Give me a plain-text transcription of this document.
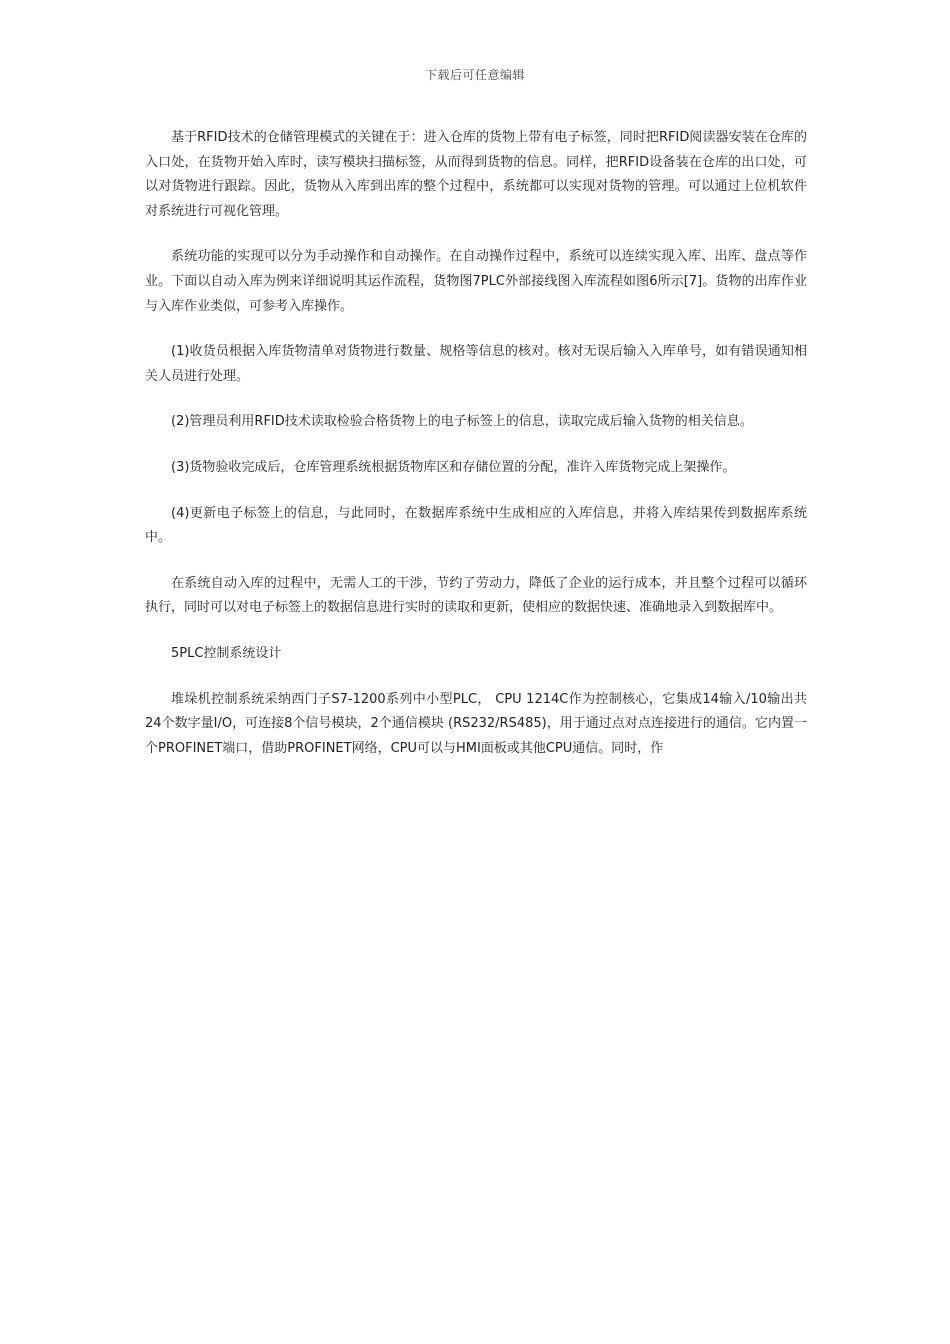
下载后可任意编辑

基于RFID技术的仓储管理模式的关键在于：进入仓库的货物上带有电子标签，同时把RFID阅读器安装在仓库的入口处，在货物开始入库时，读写模块扫描标签，从而得到货物的信息。同样，把RFID设备装在仓库的出口处，可以对货物进行跟踪。因此，货物从入库到出库的整个过程中，系统都可以实现对货物的管理。可以通过上位机软件对系统进行可视化管理。

系统功能的实现可以分为手动操作和自动操作。在自动操作过程中，系统可以连续实现入库、出库、盘点等作业。下面以自动入库为例来详细说明其运作流程，货物图7PLC外部接线图入库流程如图6所示[7]。货物的出库作业与入库作业类似，可参考入库操作。

(1)收货员根据入库货物清单对货物进行数量、规格等信息的核对。核对无误后输入入库单号，如有错误通知相关人员进行处理。

(2)管理员利用RFID技术读取检验合格货物上的电子标签上的信息，读取完成后输入货物的相关信息。

(3)货物验收完成后，仓库管理系统根据货物库区和存储位置的分配，准许入库货物完成上架操作。

(4)更新电子标签上的信息，与此同时，在数据库系统中生成相应的入库信息，并将入库结果传到数据库系统中。

在系统自动入库的过程中，无需人工的干涉，节约了劳动力，降低了企业的运行成本，并且整个过程可以循环执行，同时可以对电子标签上的数据信息进行实时的读取和更新，使相应的数据快速、准确地录入到数据库中。

5PLC控制系统设计

堆垛机控制系统采纳西门子S7-1200系列中小型PLC， CPU 1214C作为控制核心，它集成14输入/10输出共24个数字量I/O，可连接8个信号模块，2个通信模块 (RS232/RS485)，用于通过点对点连接进行的通信。它内置一个PROFINET端口，借助PROFINET网络，CPU可以与HMI面板或其他CPU通信。同时，作
